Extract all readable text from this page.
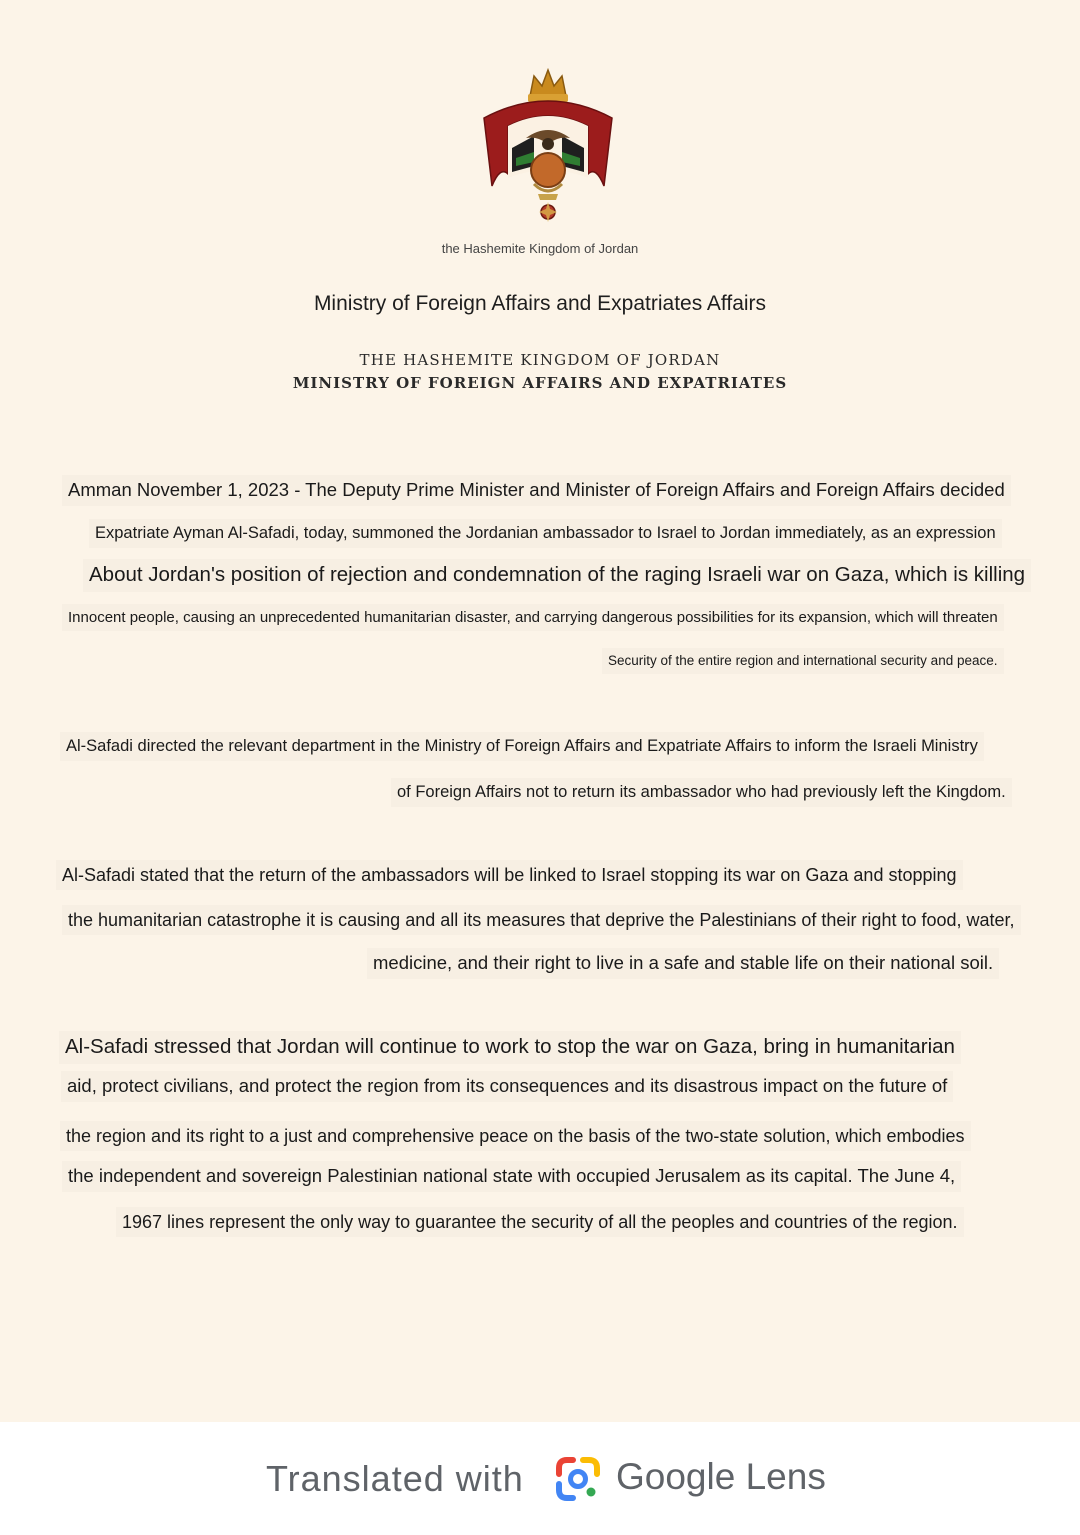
the Hashemite Kingdom of Jordan
Ministry of Foreign Affairs and Expatriates Affairs
THE HASHEMITE KINGDOM OF JORDAN
MINISTRY OF FOREIGN AFFAIRS AND EXPATRIATES
Amman November 1, 2023 - The Deputy Prime Minister and Minister of Foreign Affairs and Foreign Affairs decided
Expatriate Ayman Al-Safadi, today, summoned the Jordanian ambassador to Israel to Jordan immediately, as an expression
About Jordan's position of rejection and condemnation of the raging Israeli war on Gaza, which is killing
Innocent people, causing an unprecedented humanitarian disaster, and carrying dangerous possibilities for its expansion, which will threaten
Security of the entire region and international security and peace.
Al-Safadi directed the relevant department in the Ministry of Foreign Affairs and Expatriate Affairs to inform the Israeli Ministry
of Foreign Affairs not to return its ambassador who had previously left the Kingdom.
Al-Safadi stated that the return of the ambassadors will be linked to Israel stopping its war on Gaza and stopping
the humanitarian catastrophe it is causing and all its measures that deprive the Palestinians of their right to food, water,
medicine, and their right to live in a safe and stable life on their national soil.
Al-Safadi stressed that Jordan will continue to work to stop the war on Gaza, bring in humanitarian
aid, protect civilians, and protect the region from its consequences and its disastrous impact on the future of
the region and its right to a just and comprehensive peace on the basis of the two-state solution, which embodies
the independent and sovereign Palestinian national state with occupied Jerusalem as its capital. The June 4,
1967 lines represent the only way to guarantee the security of all the peoples and countries of the region.
Translated with Google Lens
